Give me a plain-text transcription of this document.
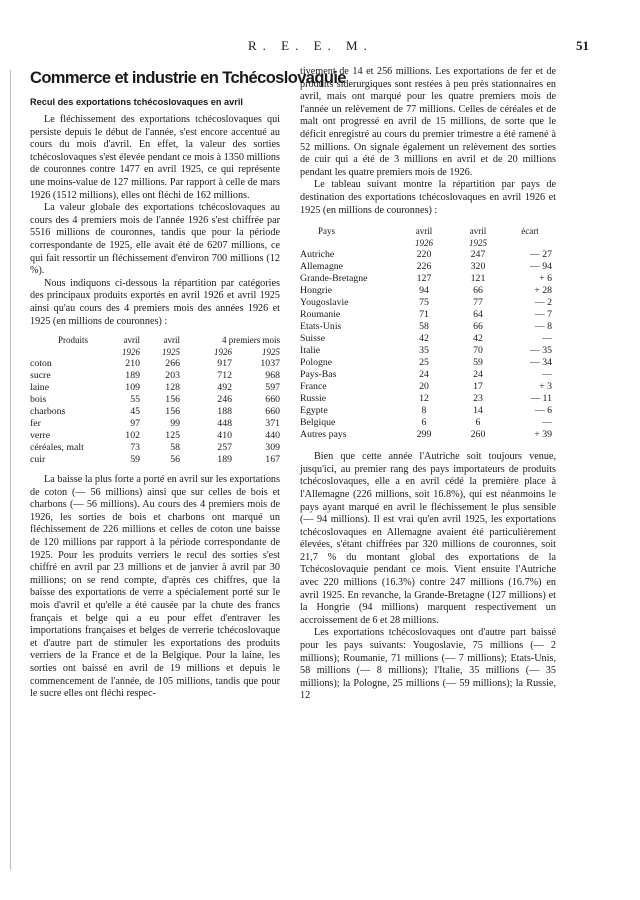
R. E. E. M.	51
Commerce et industrie en Tchécoslovaquie
Recul des exportations tchécoslovaques en avril

Le fléchissement des exportations tchécoslovaques qui persiste depuis le début de l'année, s'est encore accentué au cours du mois d'avril. En effet, la valeur des sorties tchécoslovaques s'est élevée pendant ce mois à 1350 millions de couronnes contre 1477 en avril 1925, ce qui représente une moins-value de 127 millions. Par rapport à celle de mars 1926 (1512 millions), elles ont fléchi de 162 millions.

La valeur globale des exportations tchécoslovaques au cours des 4 premiers mois de l'année 1926 s'est chiffrée par 5516 millions de couronnes, tandis que pour la période correspondante de 1925, elle avait été de 6207 millions, ce qui fait ressortir un fléchissement d'environ 700 millions (12 %).

Nous indiquons ci-dessous la répartition par catégories des principaux produits exportés en avril 1926 et avril 1925 ainsi qu'au cours des 4 premiers mois des années 1926 et 1925 (en millions de couronnes) :

Produits	avril	avril	4 premiers mois	
	1926	1925	1926	1925
coton	210	266	917	1037
sucre	189	203	712	968
laine	109	128	492	597
bois	55	156	246	660
charbons	45	156	188	660
fer	97	99	448	371
verre	102	125	410	440
céréales, malt	73	58	257	309
cuir	59	56	189	167

La baisse la plus forte a porté en avril sur les exportations de coton (— 56 millions) ainsi que sur celles de bois et charbons (— 56 millions). Au cours des 4 premiers mois de 1926, les sorties de bois et charbons ont marqué un fléchissement de 226 millions et celles de coton une baisse de 120 millions par rapport à la période correspondante de 1925. Pour les produits verriers le recul des sorties s'est chiffré en avril par 23 millions et de janvier à avril par 30 millions; on se rend compte, d'après ces chiffres, que la baisse des exportations de verre a spécialement porté sur le mois d'avril et qu'elle a été causée par la chute des francs français et belge qui a eu pour effet d'entraver les importations françaises et belges de verrerie tchécoslovaque et d'autre part de stimuler les exportations des produits verriers de la France et de la Belgique. Pour la laine, les sorties ont baissé en avril de 19 millions et depuis le commencement de l'année, de 105 millions, tandis que pour le sucre elles ont fléchi respec-

tivement de 14 et 256 millions. Les exportations de fer et de produits siderurgiques sont restées à peu près stationnaires en avril, mais ont marqué pour les quatre premiers mois de l'année un relèvement de 77 millions. Celles de céréales et de malt ont progressé en avril de 15 millions, de sorte que le déficit enregistré au cours du premier trimestre a été ramené à 52 millions. On signale également un relèvement des sorties de cuir qui a été de 3 millions en avril et de 20 millions pendant les quatre premiers mois de 1926.

Le tableau suivant montre la répartition par pays de destination des exportations tchécoslovaques en avril 1926 et 1925 (en millions de couronnes) :

Pays	avril	avril	écart
	1926	1925	
Autriche	220	247	— 27
Allemagne	226	320	— 94
Grande-Bretagne	127	121	+ 6
Hongrie	94	66	+ 28
Yougoslavie	75	77	— 2
Roumanie	71	64	— 7
Etats-Unis	58	66	— 8
Suisse	42	42	—
Italie	35	70	— 35
Pologne	25	59	— 34
Pays-Bas	24	24	—
France	20	17	+ 3
Russie	12	23	— 11
Egypte	8	14	— 6
Belgique	6	6	—
Autres pays	299	260	+ 39

Bien que cette année l'Autriche soit toujours venue, jusqu'ici, au premier rang des pays importateurs de produits tchécoslovaques, elle a en avril cédé la première place à l'Allemagne (226 millions, soit 16.8%), qui est néanmoins le pays ayant marqué en avril le fléchissement le plus sensible (— 94 millions). Il est vrai qu'en avril 1925, les exportations tchécoslovaques en Allemagne avaient été particulièrement élevées, s'étant chiffrées par 320 millions de couronnes, soit 21,7 % du montant global des exportations de la Tchécoslovaquie pendant ce mois. Vient ensuite l'Autriche avec 220 millions (16.3%) contre 247 millions (16.7%) en avril 1925. En revanche, la Grande-Bretagne (127 millions) et la Hongrie (94 millions) marquent respectivement un accroissement de 6 et 28 millions.

Les exportations tchécoslovaques ont d'autre part baissé pour les pays suivants: Yougoslavie, 75 millions (— 2 millions); Roumanie, 71 millions (— 7 millions); Etats-Unis, 58 millions (— 8 millions); l'Italie, 35 millions (— 35 millions); la Pologne, 25 millions (— 59 millions); la Russie, 12
